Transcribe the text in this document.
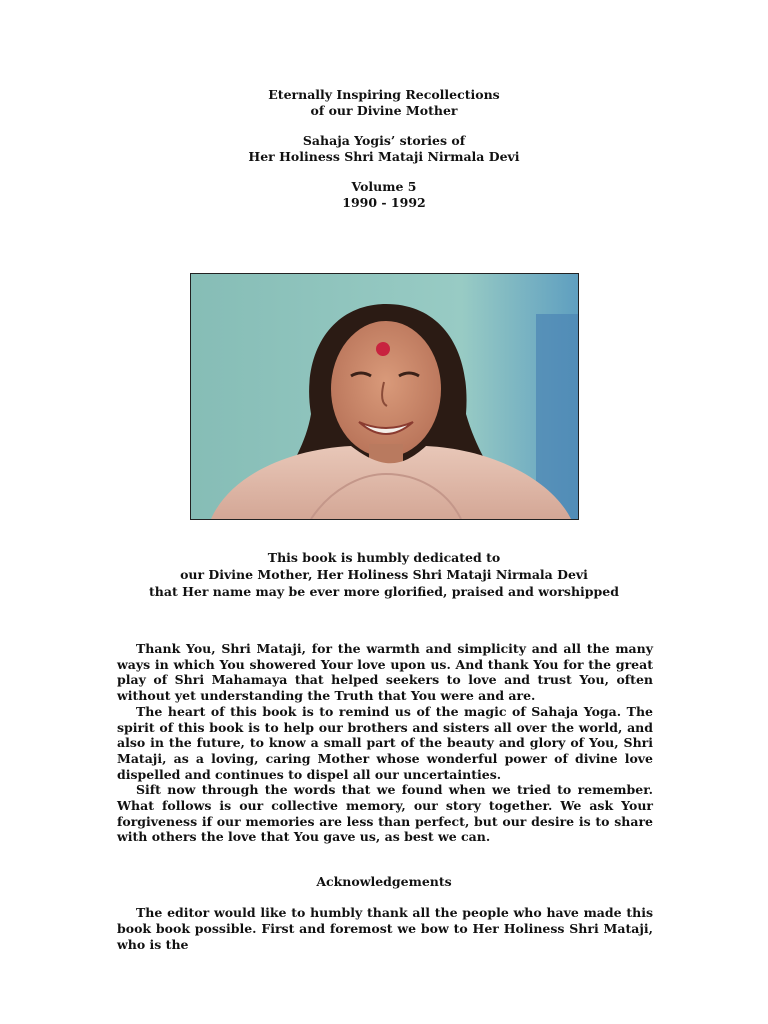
Eternally Inspiring Recollections
of our Divine Mother
Sahaja Yogis’ stories of
Her Holiness Shri Mataji Nirmala Devi
Volume 5
1990 - 1992
This book is humbly dedicated to
our Divine Mother, Her Holiness Shri Mataji Nirmala Devi
that Her name may be ever more glorified, praised and worshipped

Thank You, Shri Mataji, for the warmth and simplicity and all the many ways in which You showered Your love upon us. And thank You for the great play of Shri Mahamaya that helped seekers to love and trust You, often without yet understanding the Truth that You were and are.

The heart of this book is to remind us of the magic of Sahaja Yoga. The spirit of this book is to help our brothers and sisters all over the world, and also in the future, to know a small part of the beauty and glory of You, Shri Mataji, as a loving, caring Mother whose wonderful power of divine love dispelled and continues to dispel all our uncertainties.

Sift now through the words that we found when we tried to remember. What follows is our collective memory, our story together. We ask Your forgiveness if our memories are less than perfect, but our desire is to share with others the love that You gave us, as best we can.

Acknowledgements

The editor would like to humbly thank all the people who have made this book book possible. First and foremost we bow to Her Holiness Shri Mataji, who is the
